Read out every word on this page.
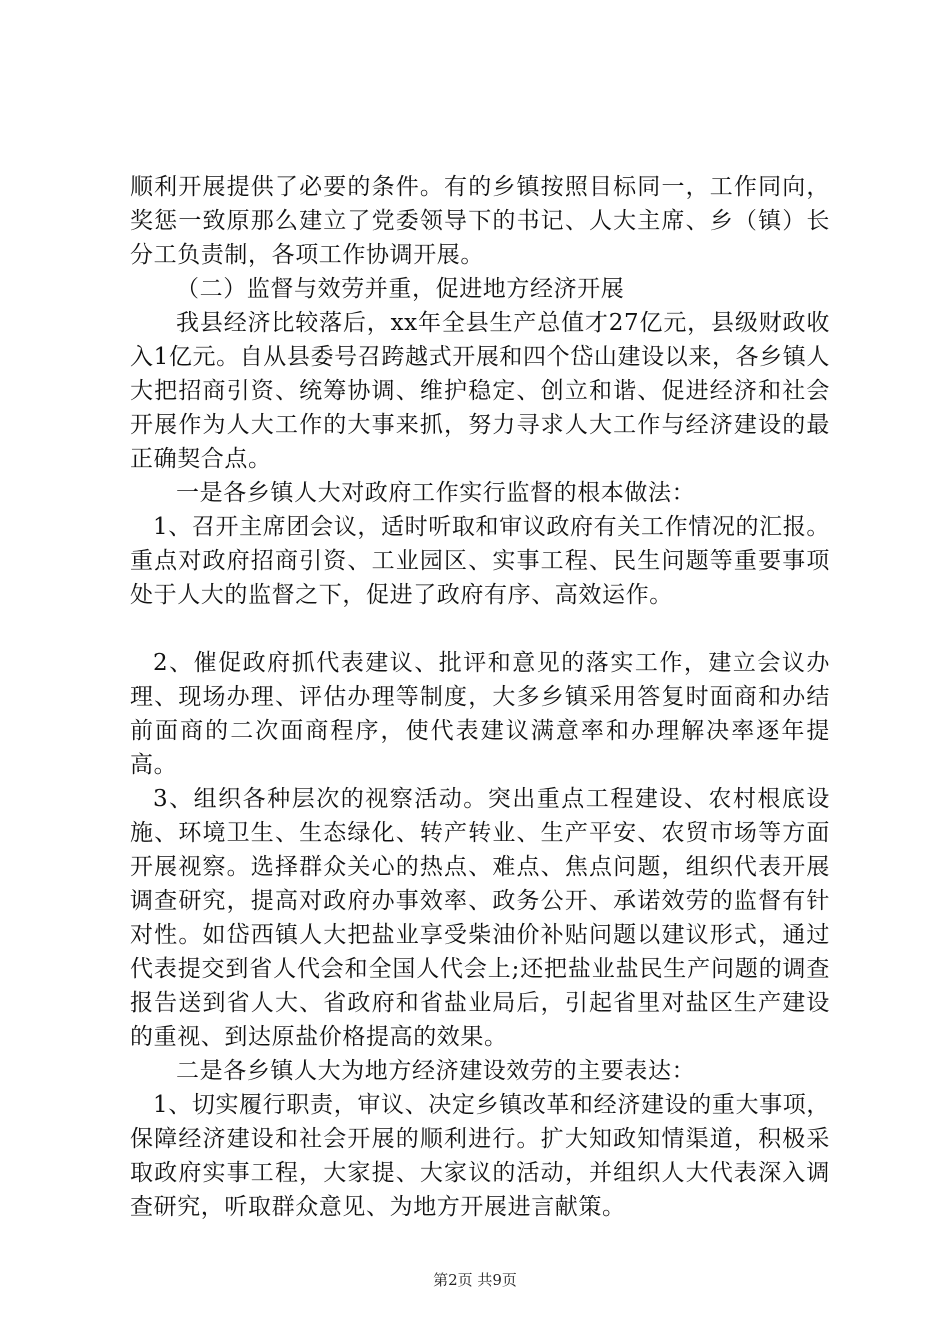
顺利开展提供了必要的条件。有的乡镇按照目标同一，工作同向，奖惩一致原那么建立了党委领导下的书记、人大主席、乡（镇）长分工负责制，各项工作协调开展。

（二）监督与效劳并重，促进地方经济开展

我县经济比较落后，xx年全县生产总值才27亿元，县级财政收入1亿元。自从县委号召跨越式开展和四个岱山建设以来，各乡镇人大把招商引资、统筹协调、维护稳定、创立和谐、促进经济和社会开展作为人大工作的大事来抓，努力寻求人大工作与经济建设的最正确契合点。

一是各乡镇人大对政府工作实行监督的根本做法：

1、召开主席团会议，适时听取和审议政府有关工作情况的汇报。重点对政府招商引资、工业园区、实事工程、民生问题等重要事项处于人大的监督之下，促进了政府有序、高效运作。

2、催促政府抓代表建议、批评和意见的落实工作，建立会议办理、现场办理、评估办理等制度，大多乡镇采用答复时面商和办结前面商的二次面商程序，使代表建议满意率和办理解决率逐年提高。

3、组织各种层次的视察活动。突出重点工程建设、农村根底设施、环境卫生、生态绿化、转产转业、生产平安、农贸市场等方面开展视察。选择群众关心的热点、难点、焦点问题，组织代表开展调查研究，提高对政府办事效率、政务公开、承诺效劳的监督有针对性。如岱西镇人大把盐业享受柴油价补贴问题以建议形式，通过代表提交到省人代会和全国人代会上;还把盐业盐民生产问题的调查报告送到省人大、省政府和省盐业局后，引起省里对盐区生产建设的重视、到达原盐价格提高的效果。

二是各乡镇人大为地方经济建设效劳的主要表达：

1、切实履行职责，审议、决定乡镇改革和经济建设的重大事项，保障经济建设和社会开展的顺利进行。扩大知政知情渠道，积极采取政府实事工程，大家提、大家议的活动，并组织人大代表深入调查研究，听取群众意见、为地方开展进言献策。

第2页 共9页
